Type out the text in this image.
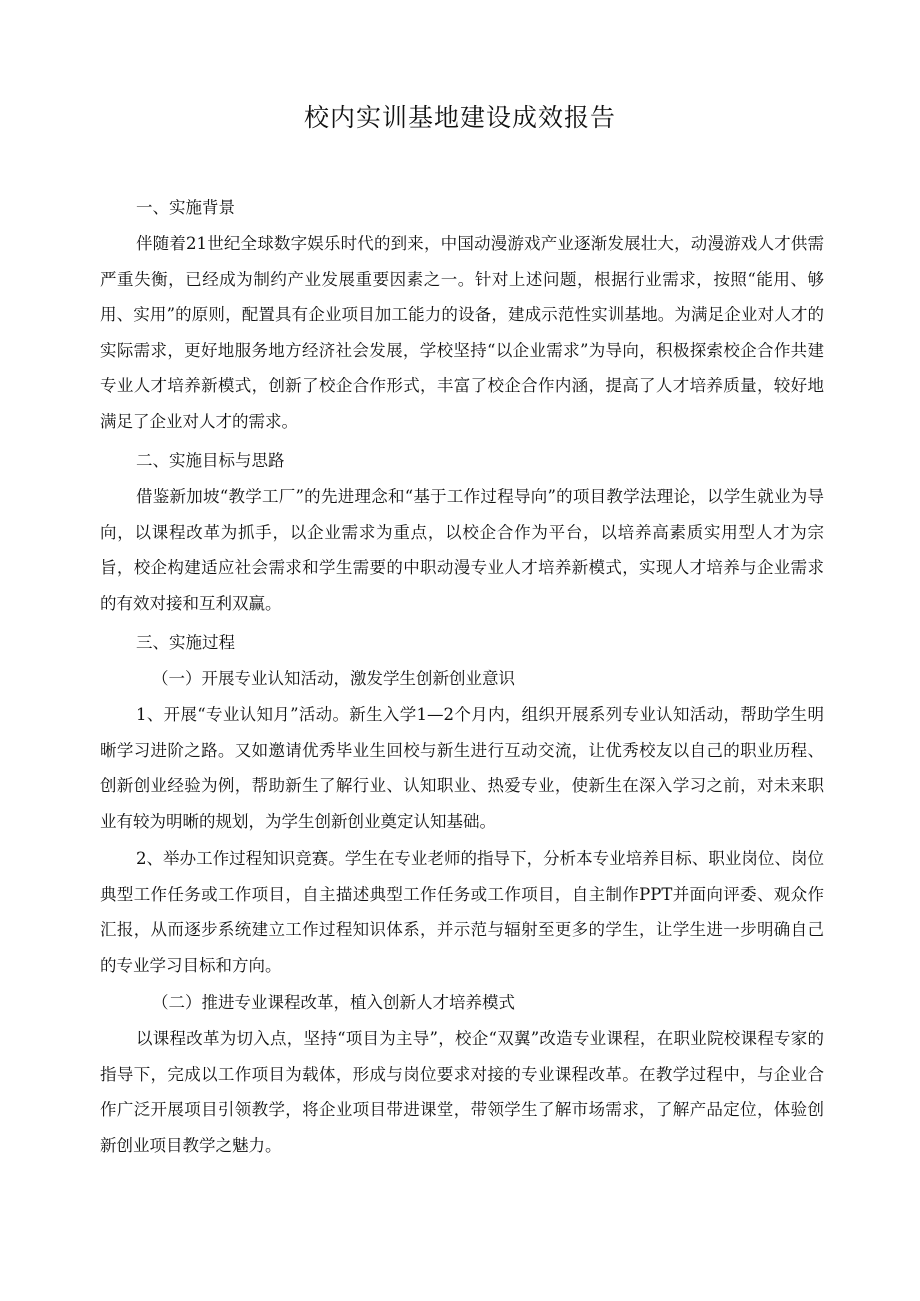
校内实训基地建设成效报告

一、实施背景

伴随着21世纪全球数字娱乐时代的到来，中国动漫游戏产业逐渐发展壮大，动漫游戏人才供需严重失衡，已经成为制约产业发展重要因素之一。针对上述问题，根据行业需求，按照“能用、够用、实用”的原则，配置具有企业项目加工能力的设备，建成示范性实训基地。为满足企业对人才的实际需求，更好地服务地方经济社会发展，学校坚持“以企业需求”为导向，积极探索校企合作共建专业人才培养新模式，创新了校企合作形式，丰富了校企合作内涵，提高了人才培养质量，较好地满足了企业对人才的需求。

二、实施目标与思路

借鉴新加坡“教学工厂”的先进理念和“基于工作过程导向”的项目教学法理论，以学生就业为导向，以课程改革为抓手，以企业需求为重点，以校企合作为平台，以培养高素质实用型人才为宗旨，校企构建适应社会需求和学生需要的中职动漫专业人才培养新模式，实现人才培养与企业需求的有效对接和互利双赢。

三、实施过程

（一）开展专业认知活动，激发学生创新创业意识

1、开展“专业认知月”活动。新生入学1—2个月内，组织开展系列专业认知活动，帮助学生明晰学习进阶之路。又如邀请优秀毕业生回校与新生进行互动交流，让优秀校友以自己的职业历程、创新创业经验为例，帮助新生了解行业、认知职业、热爱专业，使新生在深入学习之前，对未来职业有较为明晰的规划，为学生创新创业奠定认知基础。

2、举办工作过程知识竞赛。学生在专业老师的指导下，分析本专业培养目标、职业岗位、岗位典型工作任务或工作项目，自主描述典型工作任务或工作项目，自主制作PPT并面向评委、观众作汇报，从而逐步系统建立工作过程知识体系，并示范与辐射至更多的学生，让学生进一步明确自己的专业学习目标和方向。

（二）推进专业课程改革，植入创新人才培养模式

以课程改革为切入点，坚持“项目为主导”，校企“双翼”改造专业课程，在职业院校课程专家的指导下，完成以工作项目为载体，形成与岗位要求对接的专业课程改革。在教学过程中，与企业合作广泛开展项目引领教学，将企业项目带进课堂，带领学生了解市场需求，了解产品定位，体验创新创业项目教学之魅力。
